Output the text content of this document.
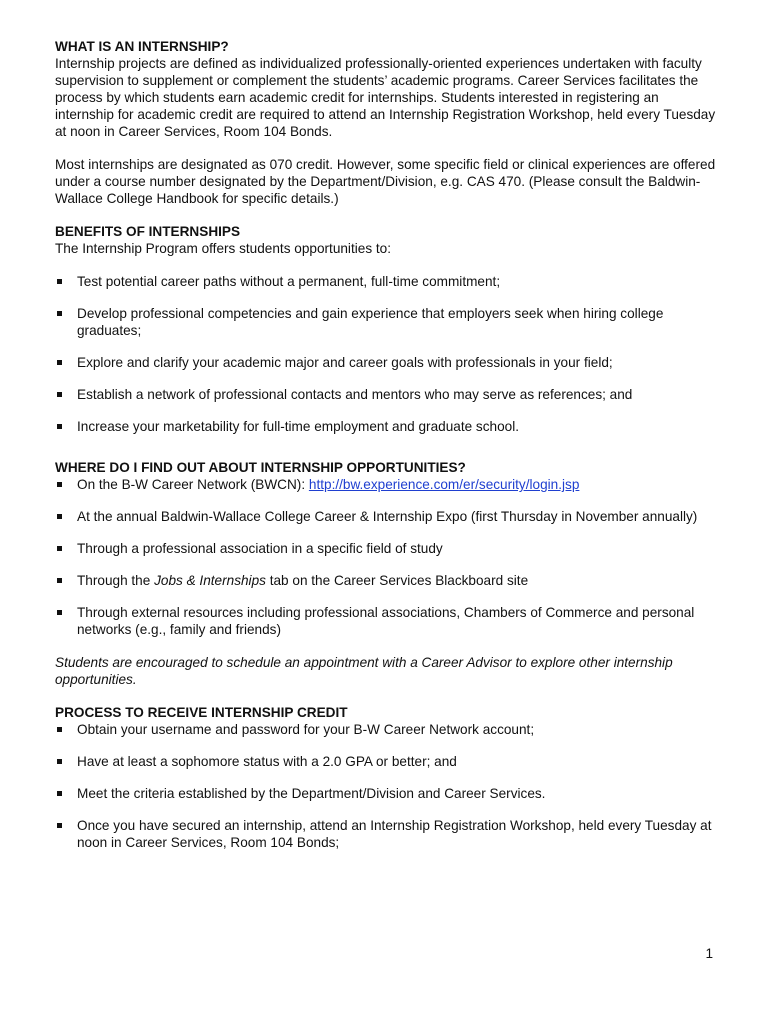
WHAT IS AN INTERNSHIP?

Internship projects are defined as individualized professionally-oriented experiences undertaken with faculty supervision to supplement or complement the students’ academic programs. Career Services facilitates the process by which students earn academic credit for internships. Students interested in registering an internship for academic credit are required to attend an Internship Registration Workshop, held every Tuesday at noon in Career Services, Room 104 Bonds.

Most internships are designated as 070 credit. However, some specific field or clinical experiences are offered under a course number designated by the Department/Division, e.g. CAS 470. (Please consult the Baldwin-Wallace College Handbook for specific details.)

BENEFITS OF INTERNSHIPS

The Internship Program offers students opportunities to:

Test potential career paths without a permanent, full-time commitment;
Develop professional competencies and gain experience that employers seek when hiring college graduates;
Explore and clarify your academic major and career goals with professionals in your field;
Establish a network of professional contacts and mentors who may serve as references; and
Increase your marketability for full-time employment and graduate school.
WHERE DO I FIND OUT ABOUT INTERNSHIP OPPORTUNITIES?
On the B-W Career Network (BWCN): http://bw.experience.com/er/security/login.jsp
At the annual Baldwin-Wallace College Career & Internship Expo (first Thursday in November annually)
Through a professional association in a specific field of study
Through the Jobs & Internships tab on the Career Services Blackboard site
Through external resources including professional associations, Chambers of Commerce and personal networks (e.g., family and friends)

Students are encouraged to schedule an appointment with a Career Advisor to explore other internship opportunities.

PROCESS TO RECEIVE INTERNSHIP CREDIT
Obtain your username and password for your B-W Career Network account;
Have at least a sophomore status with a 2.0 GPA or better; and
Meet the criteria established by the Department/Division and Career Services.
Once you have secured an internship, attend an Internship Registration Workshop, held every Tuesday at noon in Career Services, Room 104 Bonds;
1
